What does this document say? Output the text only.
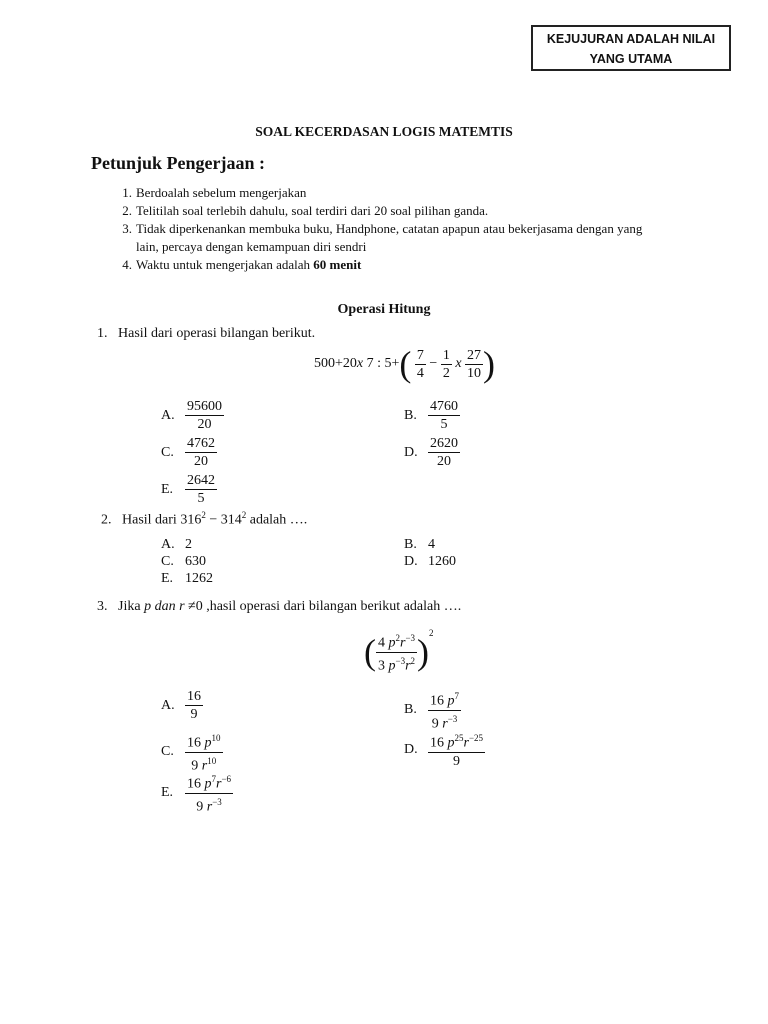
KEJUJURAN ADALAH NILAI
YANG UTAMA
SOAL KECERDASAN LOGIS MATEMTIS
Petunjuk Pengerjaan :
1. Berdoalah sebelum mengerjakan
2. Telitilah soal terlebih dahulu, soal terdiri dari 20 soal pilihan ganda.
3. Tidak diperkenankan membuka buku, Handphone, catatan apapun atau bekerjasama dengan yang
lain, percaya dengan kemampuan diri sendri
4. Waktu untuk mengerjakan adalah 60 menit
Operasi Hitung
1. Hasil dari operasi bilangan berikut.
500+20x 7 : $5+( \frac{7}{4} - \frac{1}{2}$ x $\frac{27}{10}$ )
A. $\frac{95600}{20}$	B. $\frac{4760}{5}$
C. $\frac{4762}{20}$	D. $\frac{2620}{20}$
E. $\frac{2642}{5}$
2. Hasil dari $316^2 - 314^2$ adalah ….
A. 2	B. 4
C. 630	D. 1260
E. 1262
3. Jika p dan r ≠0 ,hasil operasi dari bilangan berikut adalah ….
( $\frac{4 p^2r^{-3}}{3 p^{-3}r^2} )^2$
A. $\frac{16}{9}$	B. $\frac{16 p^7}{9 r^{-3}}$
C. $\frac{16 p^{10}}{9 r^{10}}$	D. $\frac{16 p^{25}r^{-25}}{9}$
E. $\frac{16 p^7r^{-6}}{9 r^{-3}}$
